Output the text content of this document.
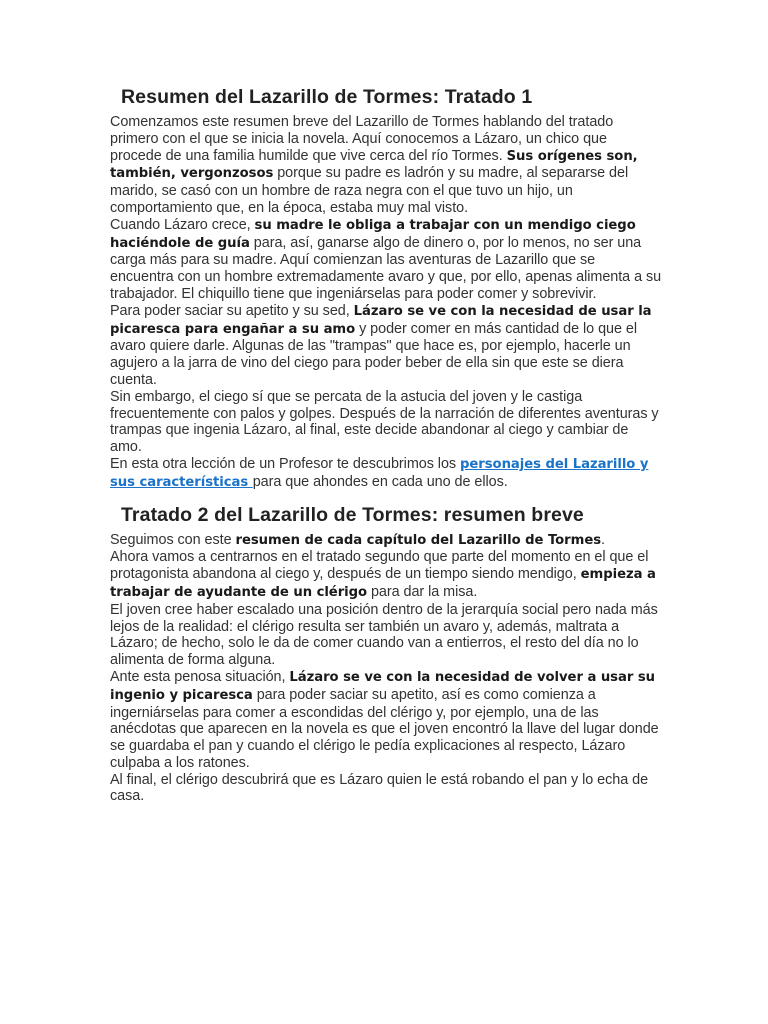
Resumen del Lazarillo de Tormes: Tratado 1

Comenzamos este resumen breve del Lazarillo de Tormes hablando del tratado primero con el que se inicia la novela. Aquí conocemos a Lázaro, un chico que procede de una familia humilde que vive cerca del río Tormes. Sus orígenes son, también, vergonzosos porque su padre es ladrón y su madre, al separarse del marido, se casó con un hombre de raza negra con el que tuvo un hijo, un comportamiento que, en la época, estaba muy mal visto.

Cuando Lázaro crece, su madre le obliga a trabajar con un mendigo ciego haciéndole de guía para, así, ganarse algo de dinero o, por lo menos, no ser una carga más para su madre. Aquí comienzan las aventuras de Lazarillo que se encuentra con un hombre extremadamente avaro y que, por ello, apenas alimenta a su trabajador. El chiquillo tiene que ingeniárselas para poder comer y sobrevivir.

Para poder saciar su apetito y su sed, Lázaro se ve con la necesidad de usar la picaresca para engañar a su amo y poder comer en más cantidad de lo que el avaro quiere darle. Algunas de las "trampas" que hace es, por ejemplo, hacerle un agujero a la jarra de vino del ciego para poder beber de ella sin que este se diera cuenta.

Sin embargo, el ciego sí que se percata de la astucia del joven y le castiga frecuentemente con palos y golpes. Después de la narración de diferentes aventuras y trampas que ingenia Lázaro, al final, este decide abandonar al ciego y cambiar de amo.

En esta otra lección de un Profesor te descubrimos los personajes del Lazarillo y sus características para que ahondes en cada uno de ellos.

Tratado 2 del Lazarillo de Tormes: resumen breve

Seguimos con este resumen de cada capítulo del Lazarillo de Tormes.

Ahora vamos a centrarnos en el tratado segundo que parte del momento en el que el protagonista abandona al ciego y, después de un tiempo siendo mendigo, empieza a trabajar de ayudante de un clérigo para dar la misa.

El joven cree haber escalado una posición dentro de la jerarquía social pero nada más lejos de la realidad: el clérigo resulta ser también un avaro y, además, maltrata a Lázaro; de hecho, solo le da de comer cuando van a entierros, el resto del día no lo alimenta de forma alguna.

Ante esta penosa situación, Lázaro se ve con la necesidad de volver a usar su ingenio y picaresca para poder saciar su apetito, así es como comienza a ingerniárselas para comer a escondidas del clérigo y, por ejemplo, una de las anécdotas que aparecen en la novela es que el joven encontró la llave del lugar donde se guardaba el pan y cuando el clérigo le pedía explicaciones al respecto, Lázaro culpaba a los ratones.

Al final, el clérigo descubrirá que es Lázaro quien le está robando el pan y lo echa de casa.
